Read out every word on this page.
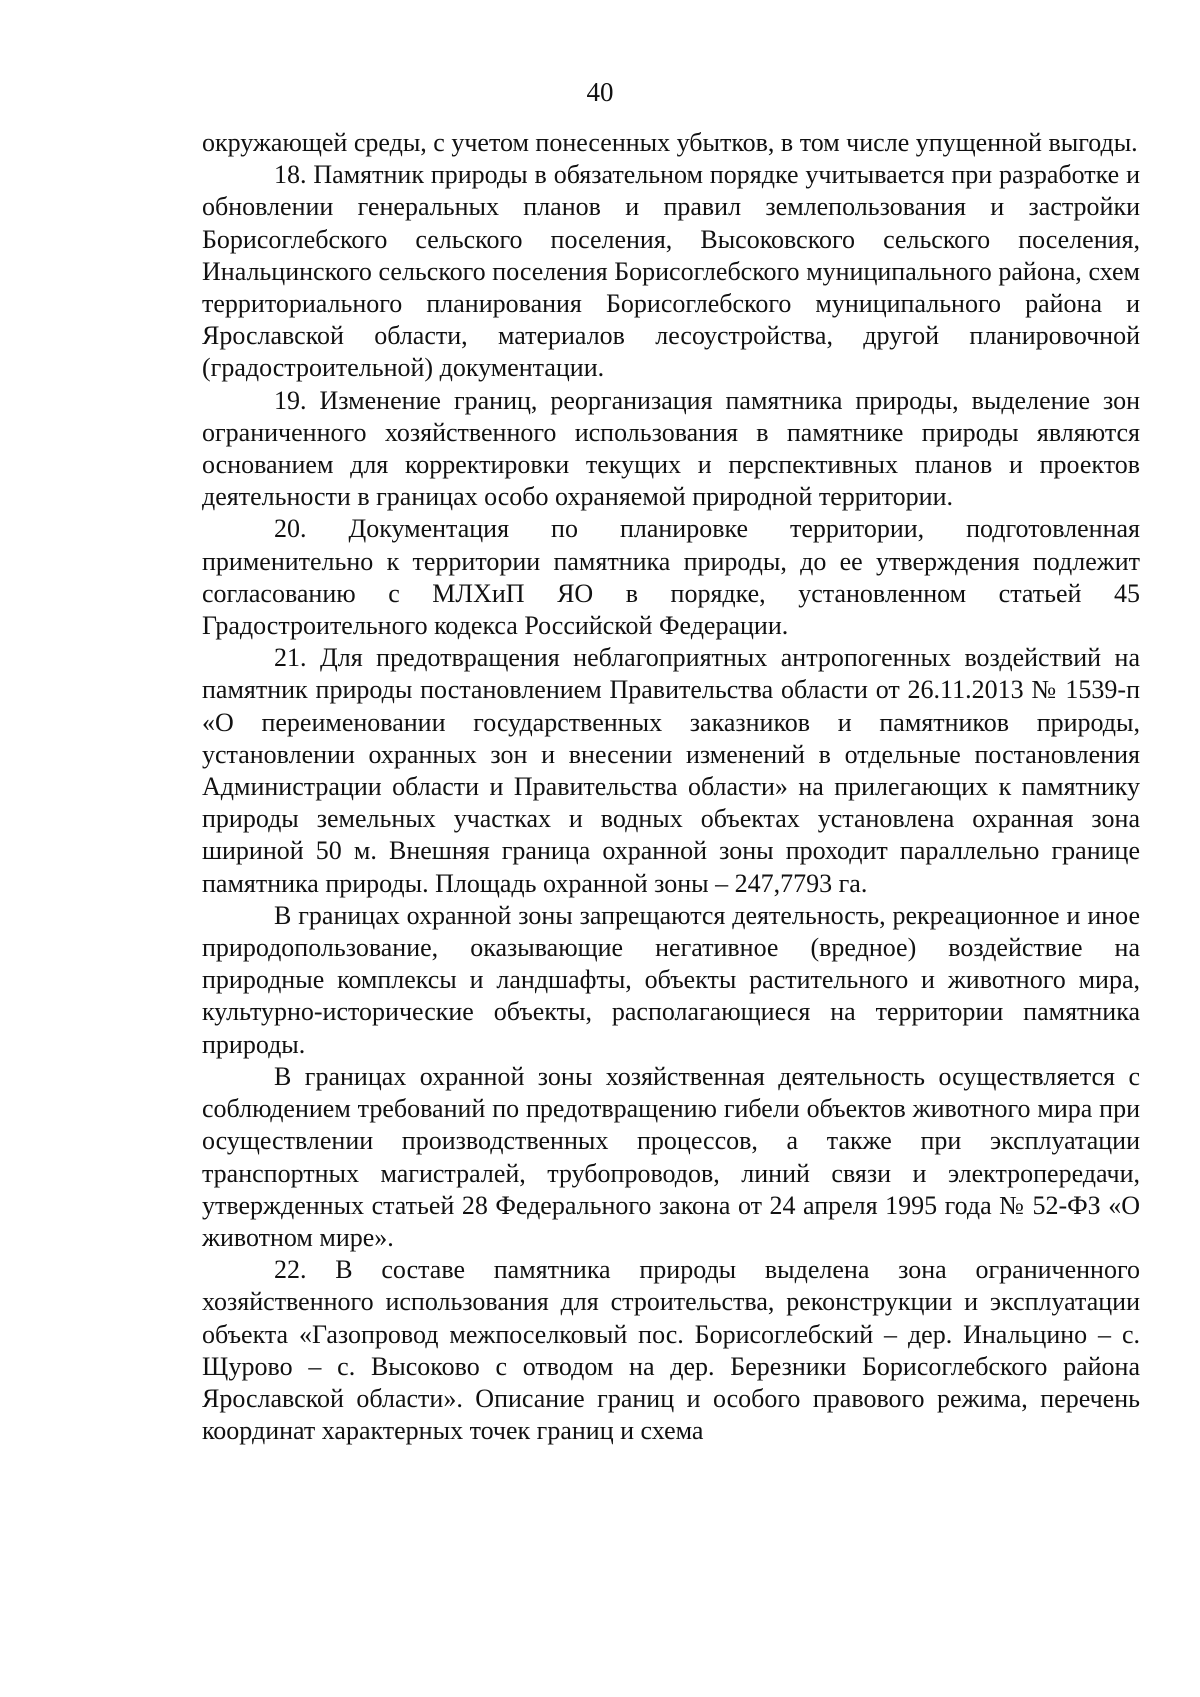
40

окружающей среды, с учетом понесенных убытков, в том числе упущенной выгоды.

18. Памятник природы в обязательном порядке учитывается при разработке и обновлении генеральных планов и правил землепользования и застройки Борисоглебского сельского поселения, Высоковского сельского поселения, Инальцинского сельского поселения Борисоглебского муниципального района, схем территориального планирования Борисоглебского муниципального района и Ярославской области, материалов лесоустройства, другой планировочной (градостроительной) документации.

19. Изменение границ, реорганизация памятника природы, выделение зон ограниченного хозяйственного использования в памятнике природы являются основанием для корректировки текущих и перспективных планов и проектов деятельности в границах особо охраняемой природной территории.

20. Документация по планировке территории, подготовленная применительно к территории памятника природы, до ее утверждения подлежит согласованию с МЛХиП ЯО в порядке, установленном статьей 45 Градостроительного кодекса Российской Федерации.

21. Для предотвращения неблагоприятных антропогенных воздействий на памятник природы постановлением Правительства области от 26.11.2013 № 1539-п «О переименовании государственных заказников и памятников природы, установлении охранных зон и внесении изменений в отдельные постановления Администрации области и Правительства области» на прилегающих к памятнику природы земельных участках и водных объектах установлена охранная зона шириной 50 м. Внешняя граница охранной зоны проходит параллельно границе памятника природы. Площадь охранной зоны – 247,7793 га.

В границах охранной зоны запрещаются деятельность, рекреационное и иное природопользование, оказывающие негативное (вредное) воздействие на природные комплексы и ландшафты, объекты растительного и животного мира, культурно-исторические объекты, располагающиеся на территории памятника природы.

В границах охранной зоны хозяйственная деятельность осуществляется с соблюдением требований по предотвращению гибели объектов животного мира при осуществлении производственных процессов, а также при эксплуатации транспортных магистралей, трубопроводов, линий связи и электропередачи, утвержденных статьей 28 Федерального закона от 24 апреля 1995 года № 52-ФЗ «О животном мире».

22. В составе памятника природы выделена зона ограниченного хозяйственного использования для строительства, реконструкции и эксплуатации объекта «Газопровод межпоселковый пос. Борисоглебский – дер. Инальцино – с. Щурово – с. Высоково с отводом на дер. Березники Борисоглебского района Ярославской области». Описание границ и особого правового режима, перечень координат характерных точек границ и схема
